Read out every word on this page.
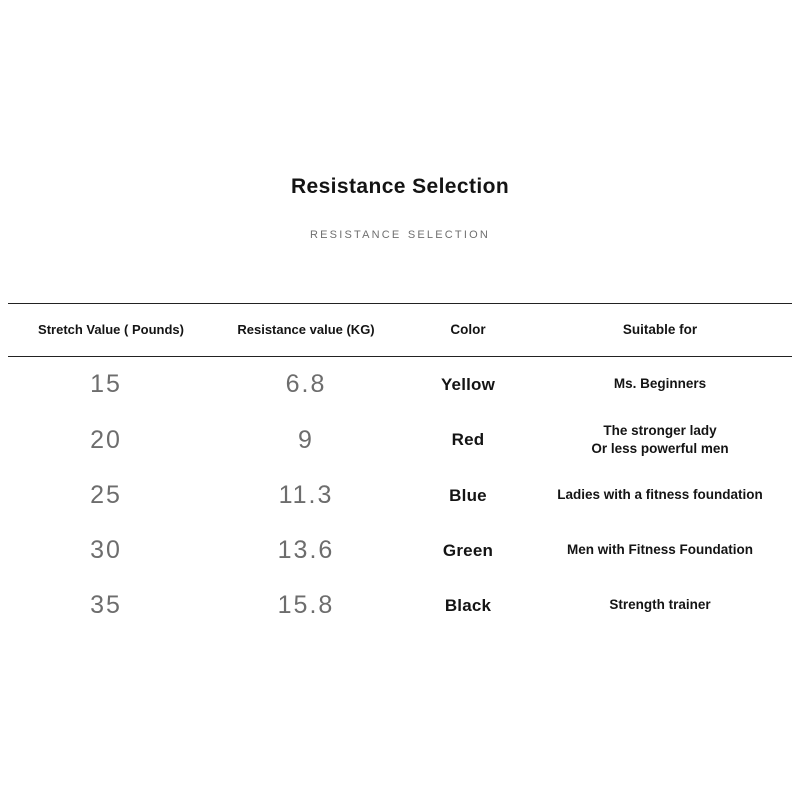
Resistance Selection
resistance selection
Stretch Value ( Pounds)	Resistance value (KG)	Color	Suitable for
15	6.8	Yellow	Ms. Beginners
20	9	Red	The stronger lady
Or less powerful men
25	11.3	Blue	Ladies with a fitness foundation
30	13.6	Green	Men with Fitness Foundation
35	15.8	Black	Strength trainer
